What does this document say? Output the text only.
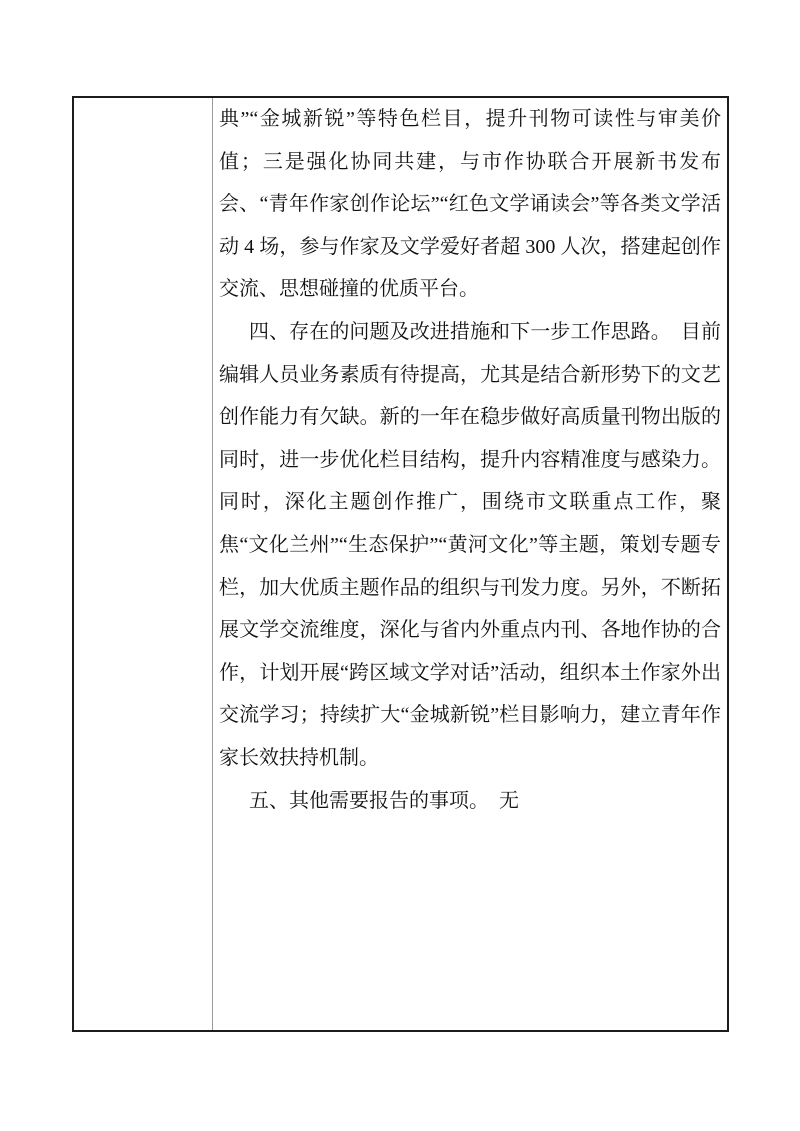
典”“金城新锐”等特色栏目，提升刊物可读性与审美价值；三是强化协同共建，与市作协联合开展新书发布会、“青年作家创作论坛”“红色文学诵读会”等各类文学活动 4 场，参与作家及文学爱好者超 300 人次，搭建起创作交流、思想碰撞的优质平台。

四、存在的问题及改进措施和下一步工作思路。　目前编辑人员业务素质有待提高，尤其是结合新形势下的文艺创作能力有欠缺。新的一年在稳步做好高质量刊物出版的同时，进一步优化栏目结构，提升内容精准度与感染力。同时，深化主题创作推广，围绕市文联重点工作，聚焦“文化兰州”“生态保护”“黄河文化”等主题，策划专题专栏，加大优质主题作品的组织与刊发力度。另外，不断拓展文学交流维度，深化与省内外重点内刊、各地作协的合作，计划开展“跨区域文学对话”活动，组织本土作家外出交流学习；持续扩大“金城新锐”栏目影响力，建立青年作家长效扶持机制。

五、其他需要报告的事项。　无
